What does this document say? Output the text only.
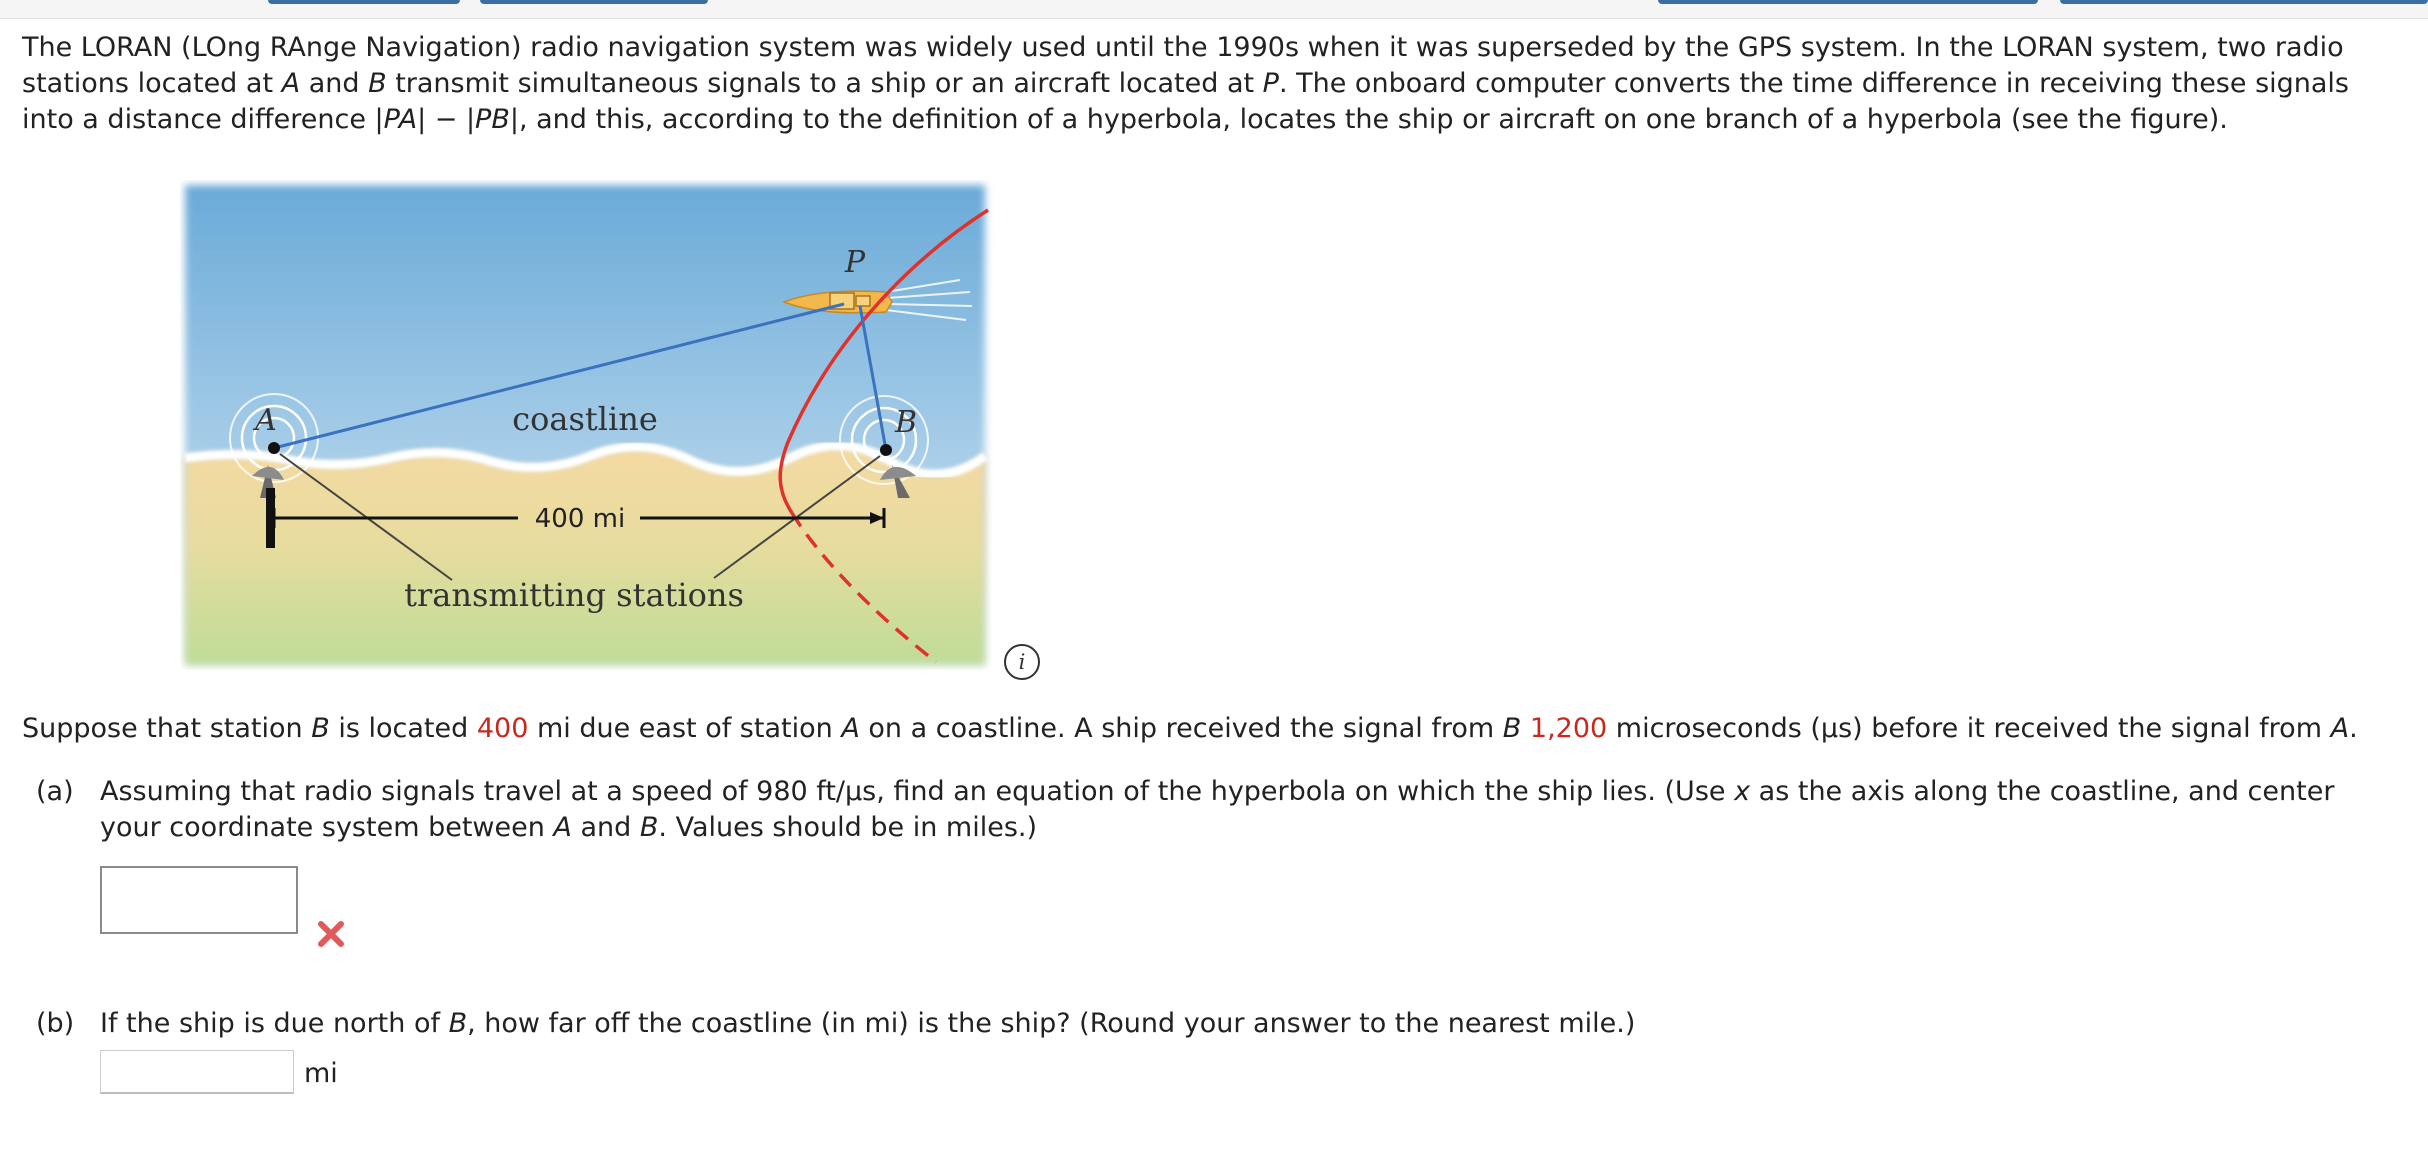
The LORAN (LOng RAnge Navigation) radio navigation system was widely used until the 1990s when it was superseded by the GPS system. In the LORAN system, two radio stations located at A and B transmit simultaneous signals to a ship or an aircraft located at P. The onboard computer converts the time difference in receiving these signals into a distance difference |PA| − |PB|, and this, according to the definition of a hyperbola, locates the ship or aircraft on one branch of a hyperbola (see the figure).
P
A	B
coastline
400 mi
transmitting stations
i
Suppose that station B is located 400 mi due east of station A on a coastline. A ship received the signal from B 1,200 microseconds (μs) before it received the signal from A.
(a) Assuming that radio signals travel at a speed of 980 ft/μs, find an equation of the hyperbola on which the ship lies. (Use x as the axis along the coastline, and center your coordinate system between A and B. Values should be in miles.)
(b) If the ship is due north of B, how far off the coastline (in mi) is the ship? (Round your answer to the nearest mile.)
mi
